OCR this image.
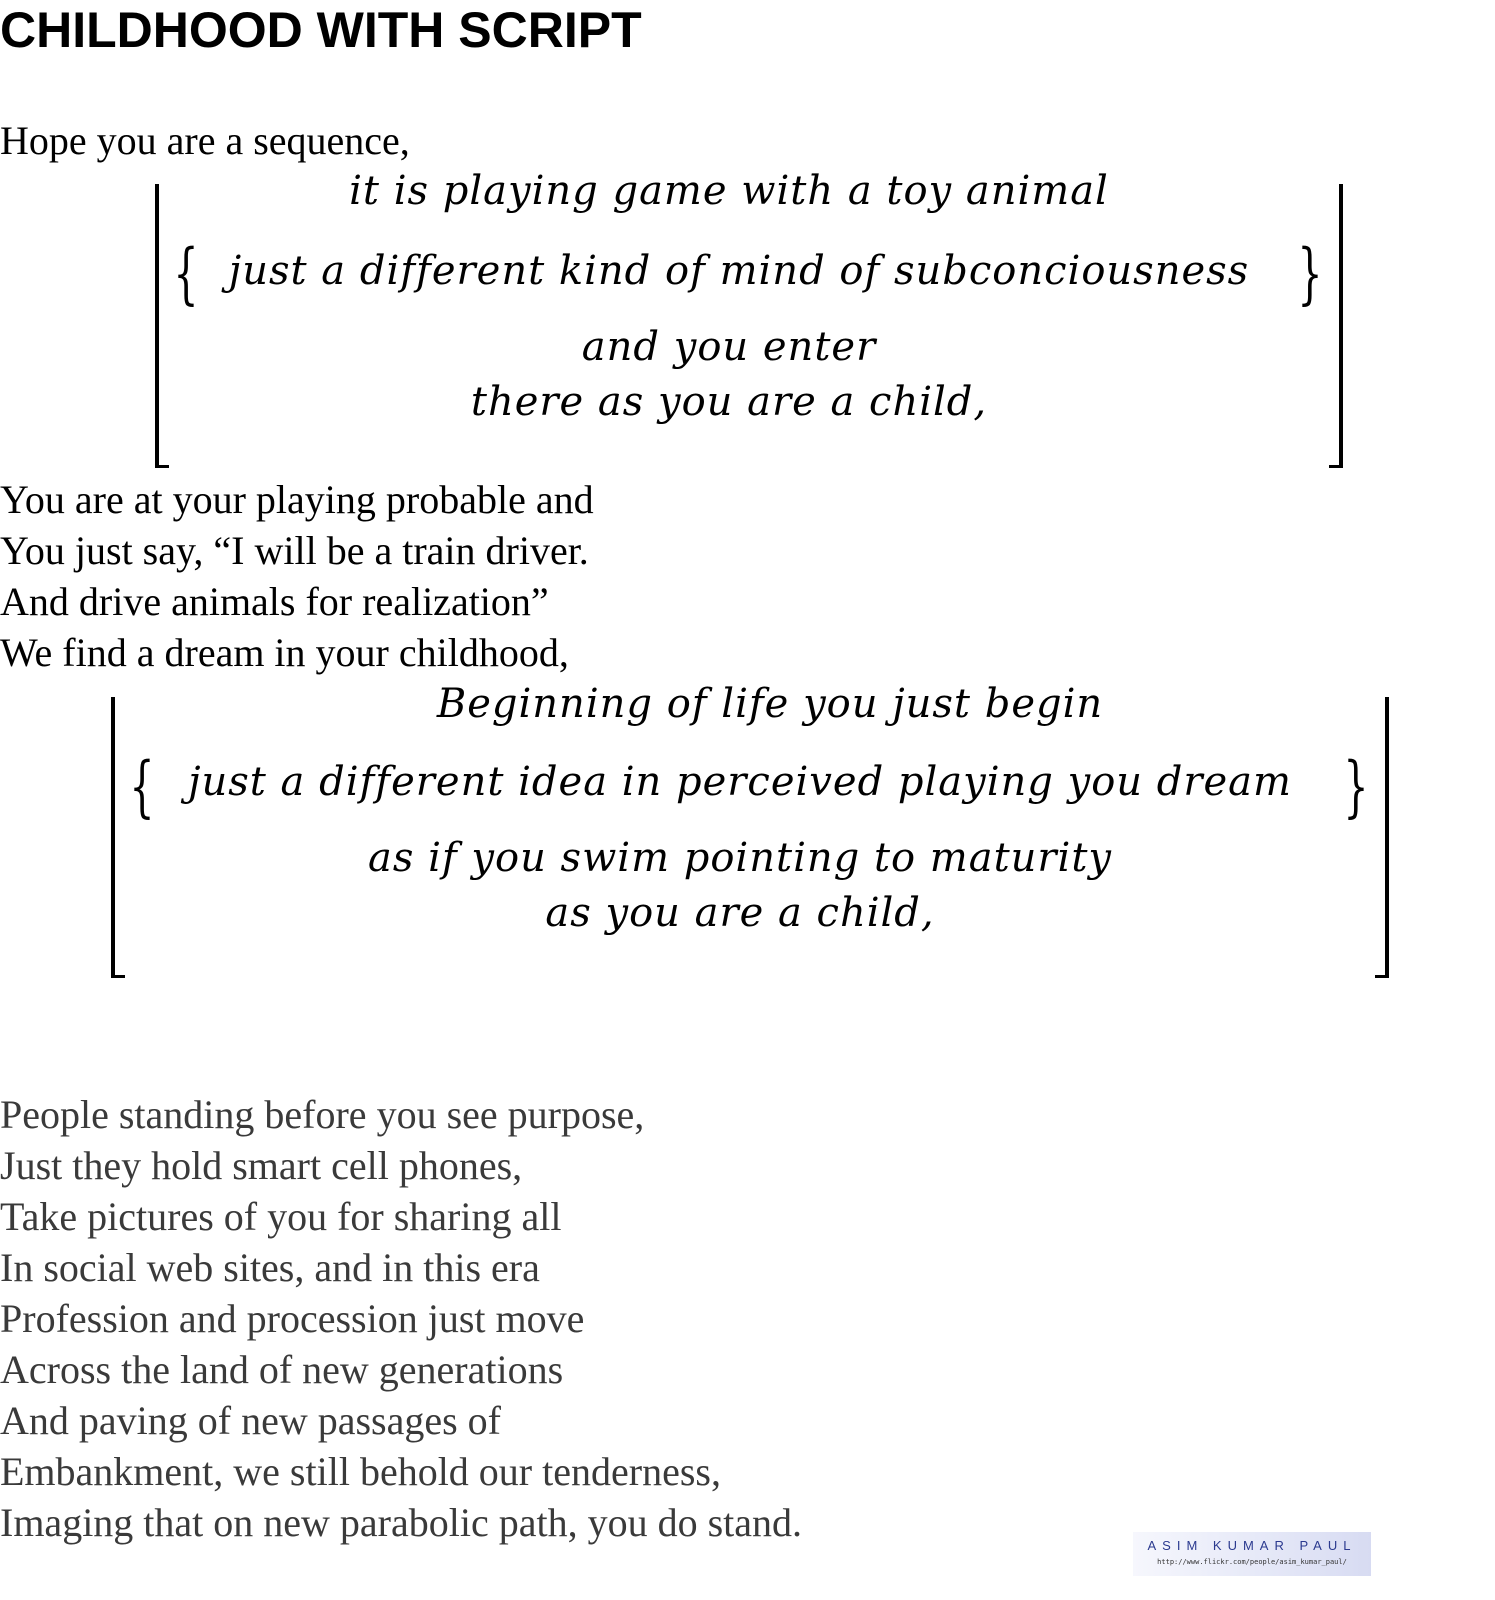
CHILDHOOD WITH SCRIPT
Hope you are a sequence,
{	}
it is playing game with a toy animal
just a different kind of mind of subconciousness
and you enter
there as you are a child,
You are at your playing probable and
You just say, “I will be a train driver.
And drive animals for realization”
We find a dream in your childhood,
{	}
Beginning of life you just begin
just a different idea in perceived playing you dream
as if you swim pointing to maturity
as you are a child,
People standing before you see purpose,
Just they hold smart cell phones,
Take pictures of you for sharing all
In social web sites, and in this era
Profession and procession just move
Across the land of new generations
And paving of new passages of
Embankment, we still behold our tenderness,
Imaging that on new parabolic path, you do stand.
ASIM KUMAR PAUL
http://www.flickr.com/people/asim_kumar_paul/
